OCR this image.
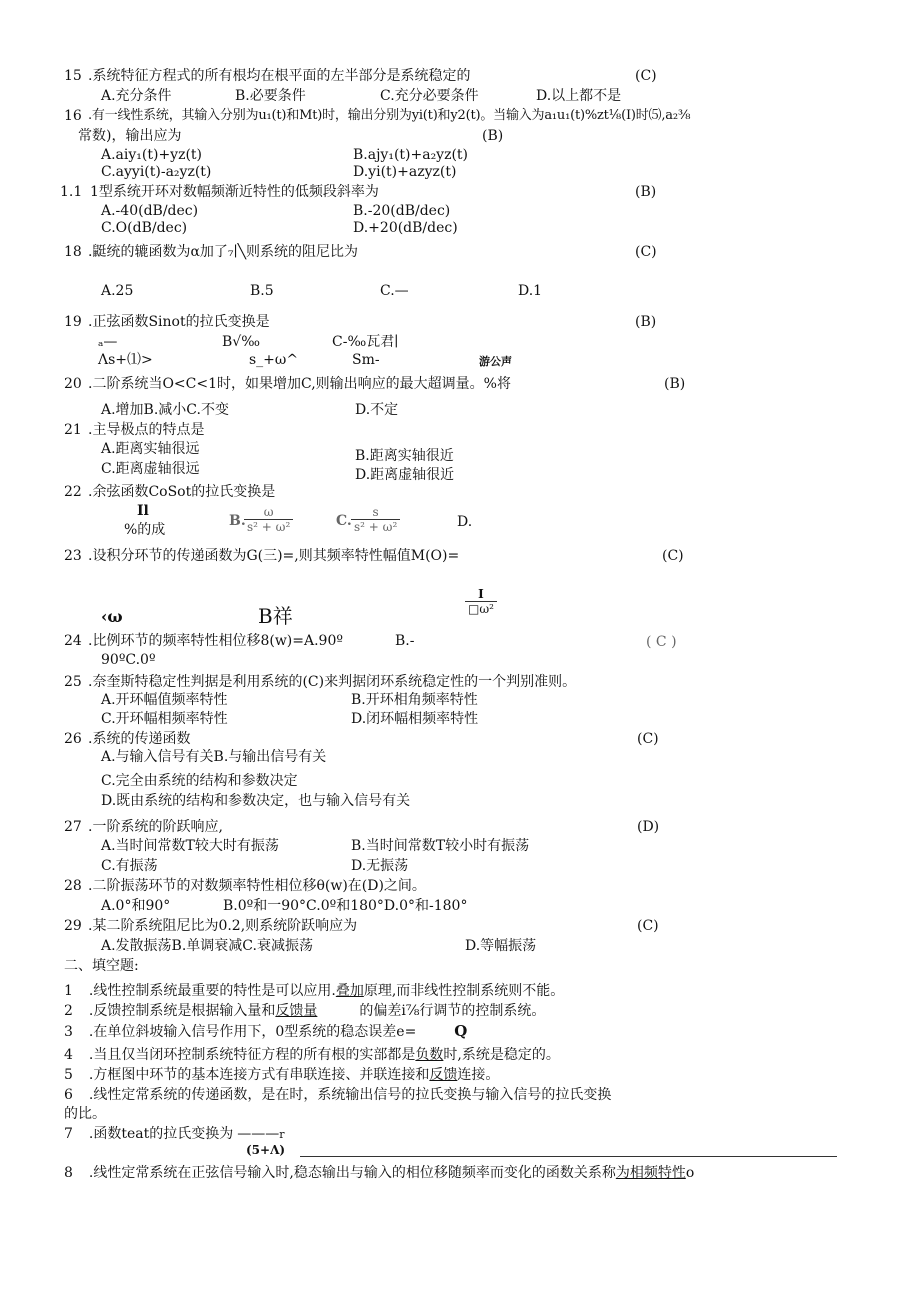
15 .系统特征方程式的所有根均在根平面的左半部分是系统稳定的	(C)
A.充分条件	B.必要条件	C.充分必要条件	D.以上都不是
16 .有一线性系统，其输入分别为u₁(t)和Mt)时，输出分别为yi(t)和y2(t)。当输入为a₁u₁(t)%zt⅛(I)时⑸,a₂⅜
常数)，输出应为	(B)
A.aiy₁(t)+yz(t)	B.ajy₁(t)+a₂yz(t)
C.ayyi(t)-a₂yz(t)	D.yi(t)+azyz(t)
1.1 1型系统开环对数幅频渐近特性的低频段斜率为	(B)
A.-40(dB∕dec)	B.-20(dB∕dec)
C.O(dB∕dec)	D.+20(dB∕dec)
18 .鼮统的辘函数为α加了₇∣╲则系统的阻尼比为	(C)
A.25	B.5	C.—	D.1
19 .正弦函数Sinot的拉氏变换是	(B)
ₐ—	B√‰	C-‰瓦君∣
Λs+⑴>	s_+ω^	Sm-	游公声
20 .二阶系统当O<C<1时，如果增加C,则输出响应的最大超调量。%将	(B)
A.增加B.减小C.不变	D.不定
21 .主导极点的特点是
A.距离实轴很远	B.距离实轴很近
C.距离虚轴很远	D.距离虚轴很近
22 .余弦函数CoSot的拉氏变换是
Il
%的成
B.
$\frac{\omega}{\text{s² + ω²}}$	C. $\frac{s}{\text{s² + ω²}}$	D.
23 .设积分环节的传递函数为G(三)=,则其频率特性幅值M(O)=	(C)
‹ω	B祥	$\frac{I}{\text{□ω²}}$
24 .比例环节的频率特性相位移8(w)=A.90º	B.-	( C )
90ºC.0º
25 .奈奎斯特稳定性判据是利用系统的(C)来判据闭环系统稳定性的一个判别准则。
A.开环幅值频率特性	B.开环相角频率特性
C.开环幅相频率特性	D.闭环幅相频率特性
26 .系统的传递函数	(C)
A.与输入信号有关B.与输出信号有关
C.完全由系统的结构和参数决定
D.既由系统的结构和参数决定，也与输入信号有关
27 .一阶系统的阶跃响应,	(D)
A.当时间常数T较大时有振荡	B.当时间常数T较小时有振荡
C.有振荡	D.无振荡
28 .二阶振荡环节的对数频率特性相位移θ(w)在(D)之间。
A.0°和90°	B.0º和一90°C.0º和180°D.0°和-180°
29 .某二阶系统阻尼比为0.2,则系统阶跃响应为	(C)
A.发散振荡B.单调衰减C.衰减振荡	D.等幅振荡
二、填空题:
1 .线性控制系统最重要的特性是可以应用.叠加原理,而非线性控制系统则不能。
2 .反馈控制系统是根据输入量和反馈量	的偏差i⅞行调节的控制系统。
3 .在单位斜坡输入信号作用下，0型系统的稳态误差e=	Q
4 .当且仅当闭环控制系统特征方程的所有根的实部都是负数时,系统是稳定的。
5 .方框图中环节的基本连接方式有串联连接、并联连接和反馈连接。
6 .线性定常系统的传递函数，是在时，系统输出信号的拉氏变换与输入信号的拉氏变换
的比。
7 .函数teat的拉氏变换为 ———r
(5+Λ)
8 .线性定常系统在正弦信号输入时,稳态输出与输入的相位移随频率而变化的函数关系称为相频特性o
